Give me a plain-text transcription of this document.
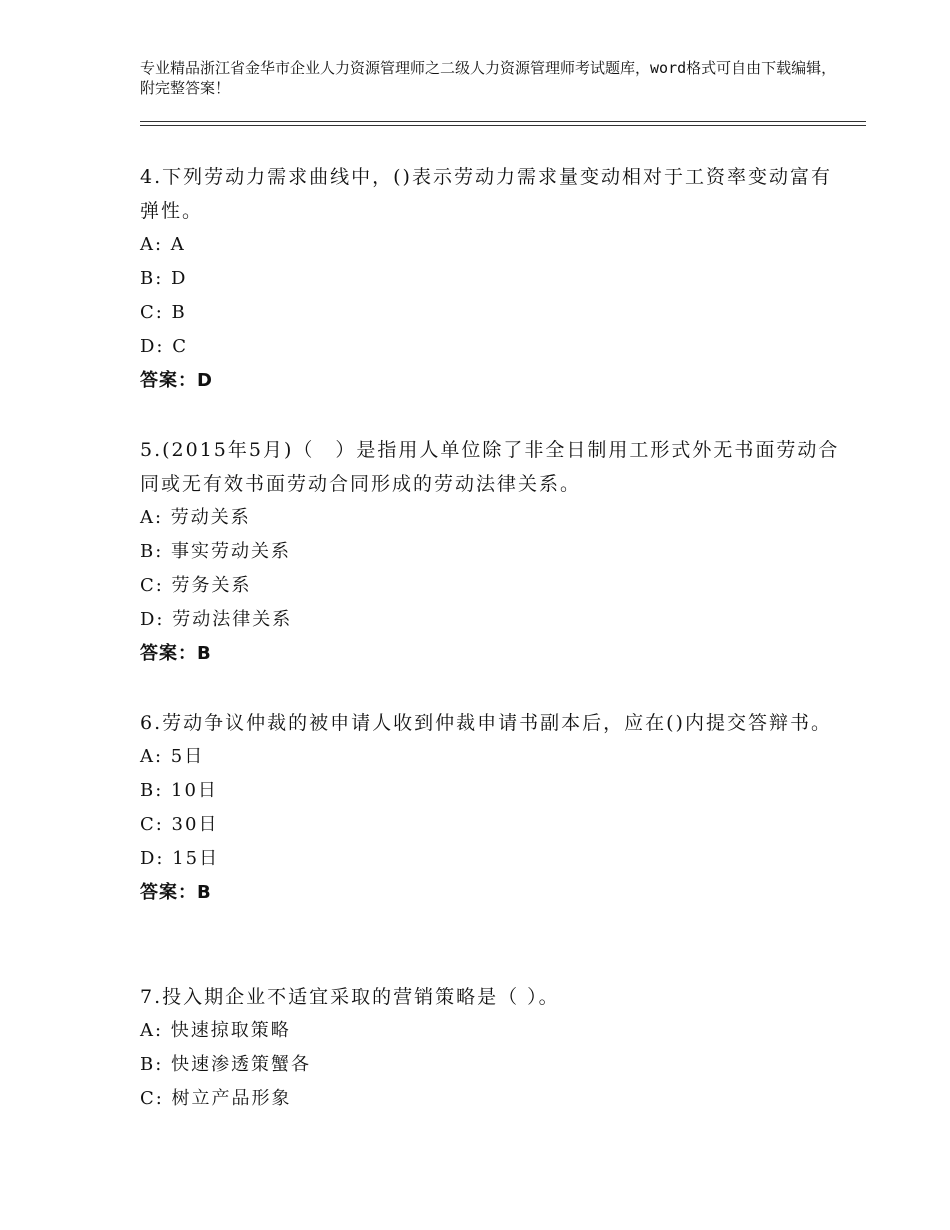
专业精品浙江省金华市企业人力资源管理师之二级人力资源管理师考试题库，word格式可自由下载编辑，附完整答案！
4.下列劳动力需求曲线中，()表示劳动力需求量变动相对于工资率变动富有弹性。
A: A
B: D
C: B
D: C
答案：D
5.(2015年5月)（　）是指用人单位除了非全日制用工形式外无书面劳动合同或无有效书面劳动合同形成的劳动法律关系。
A: 劳动关系
B: 事实劳动关系
C: 劳务关系
D: 劳动法律关系
答案：B
6.劳动争议仲裁的被申请人收到仲裁申请书副本后，应在()内提交答辩书。
A: 5日
B: 10日
C: 30日
D: 15日
答案：B
7.投入期企业不适宜采取的营销策略是（ ）。
A: 快速掠取策略
B: 快速渗透策蟹各
C: 树立产品形象
